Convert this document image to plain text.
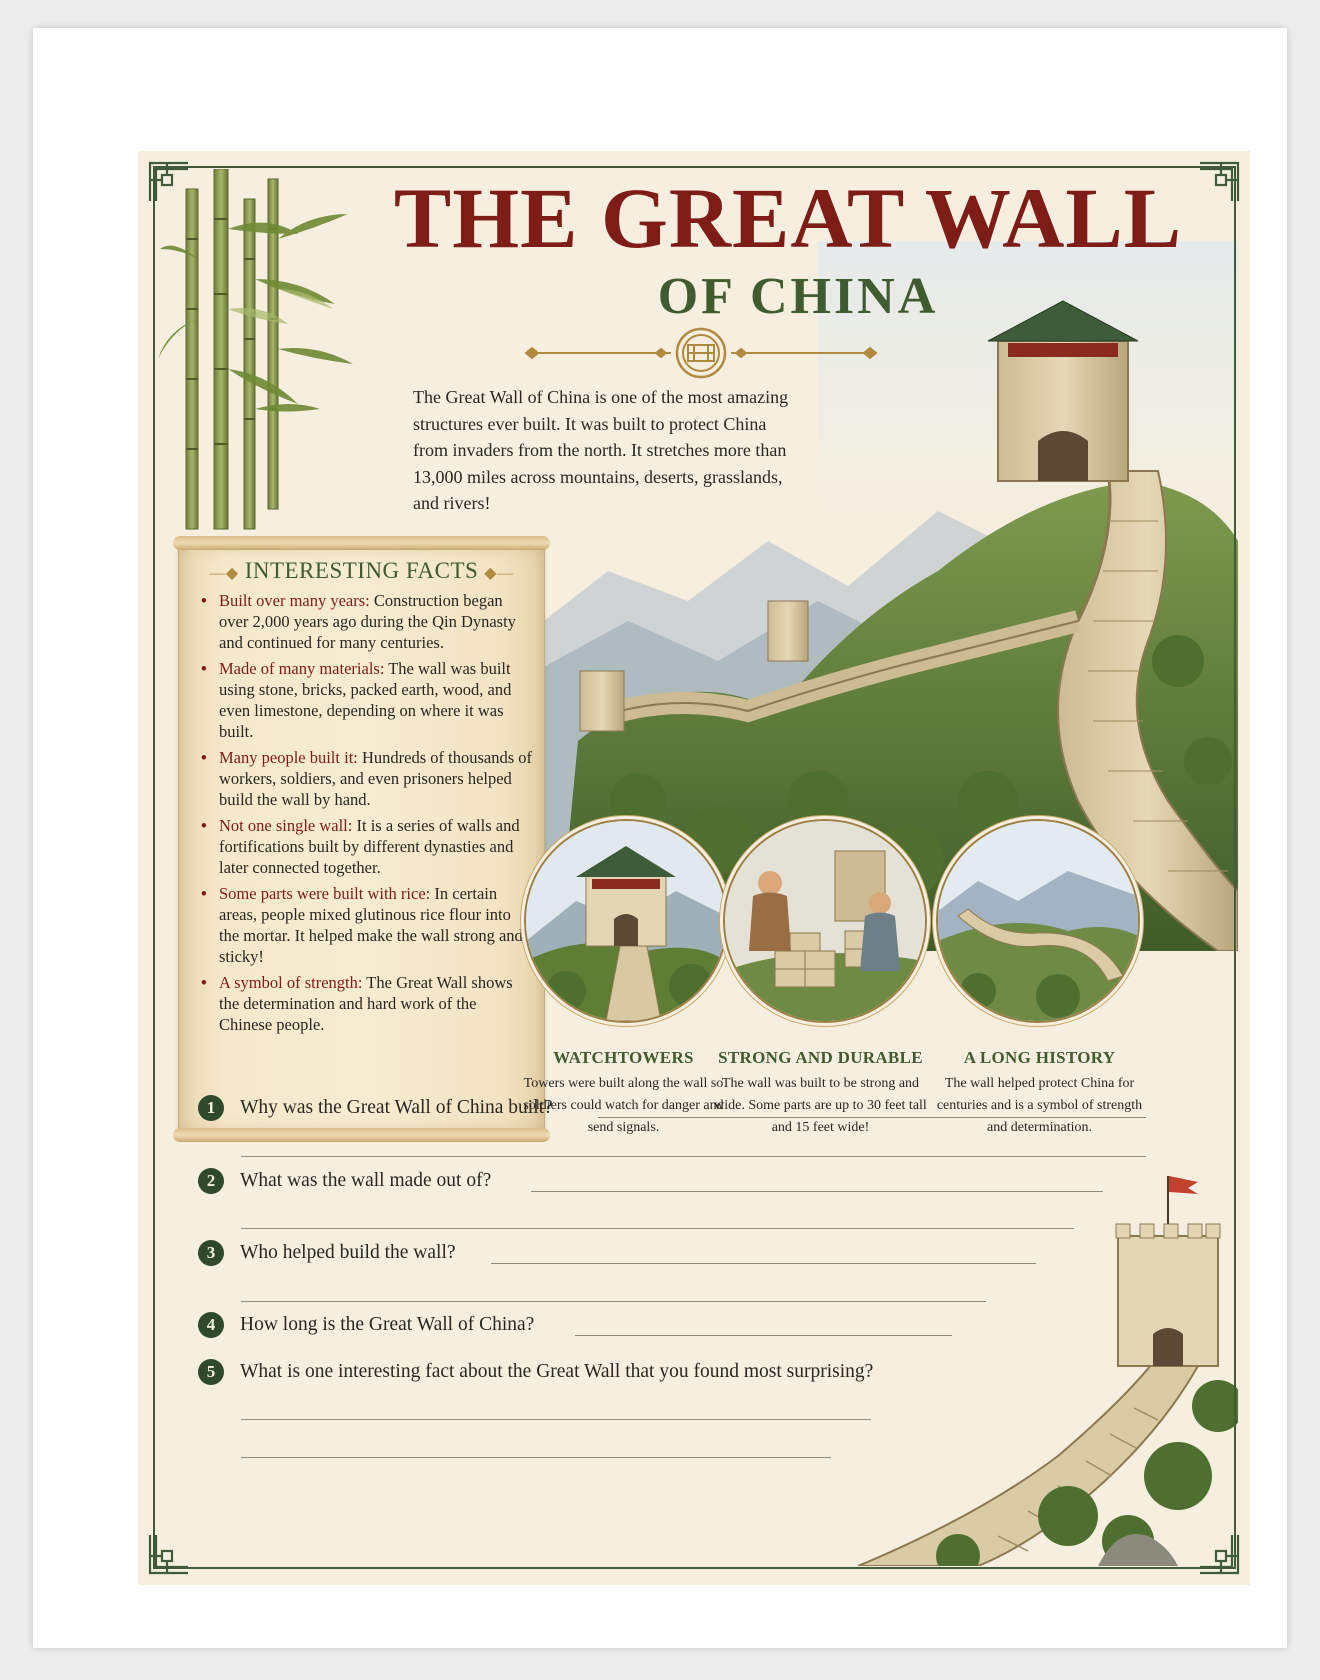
THE GREAT WALL
OF CHINA

The Great Wall of China is one of the most amazing structures ever built. It was built to protect China from invaders from the north. It stretches more than 13,000 miles across mountains, deserts, grasslands, and rivers!

—◆ INTERESTING FACTS ◆—
• Built over many years: Construction began over 2,000 years ago during the Qin Dynasty and continued for many centuries.
• Made of many materials: The wall was built using stone, bricks, packed earth, wood, and even limestone, depending on where it was built.
• Many people built it: Hundreds of thousands of workers, soldiers, and even prisoners helped build the wall by hand.
• Not one single wall: It is a series of walls and fortifications built by different dynasties and later connected together.
• Some parts were built with rice: In certain areas, people mixed glutinous rice flour into the mortar. It helped make the wall strong and sticky!
• A symbol of strength: The Great Wall shows the determination and hard work of the Chinese people.
WATCHTOWERS

Towers were built along the wall so soldiers could watch for danger and send signals.

STRONG AND DURABLE

The wall was built to be strong and wide. Some parts are up to 30 feet tall and 15 feet wide!

A LONG HISTORY

The wall helped protect China for centuries and is a symbol of strength and determination.

1	Why was the Great Wall of China built?
2	What was the wall made out of?
3	Who helped build the wall?
4	How long is the Great Wall of China?
5	What is one interesting fact about the Great Wall that you found most surprising?
